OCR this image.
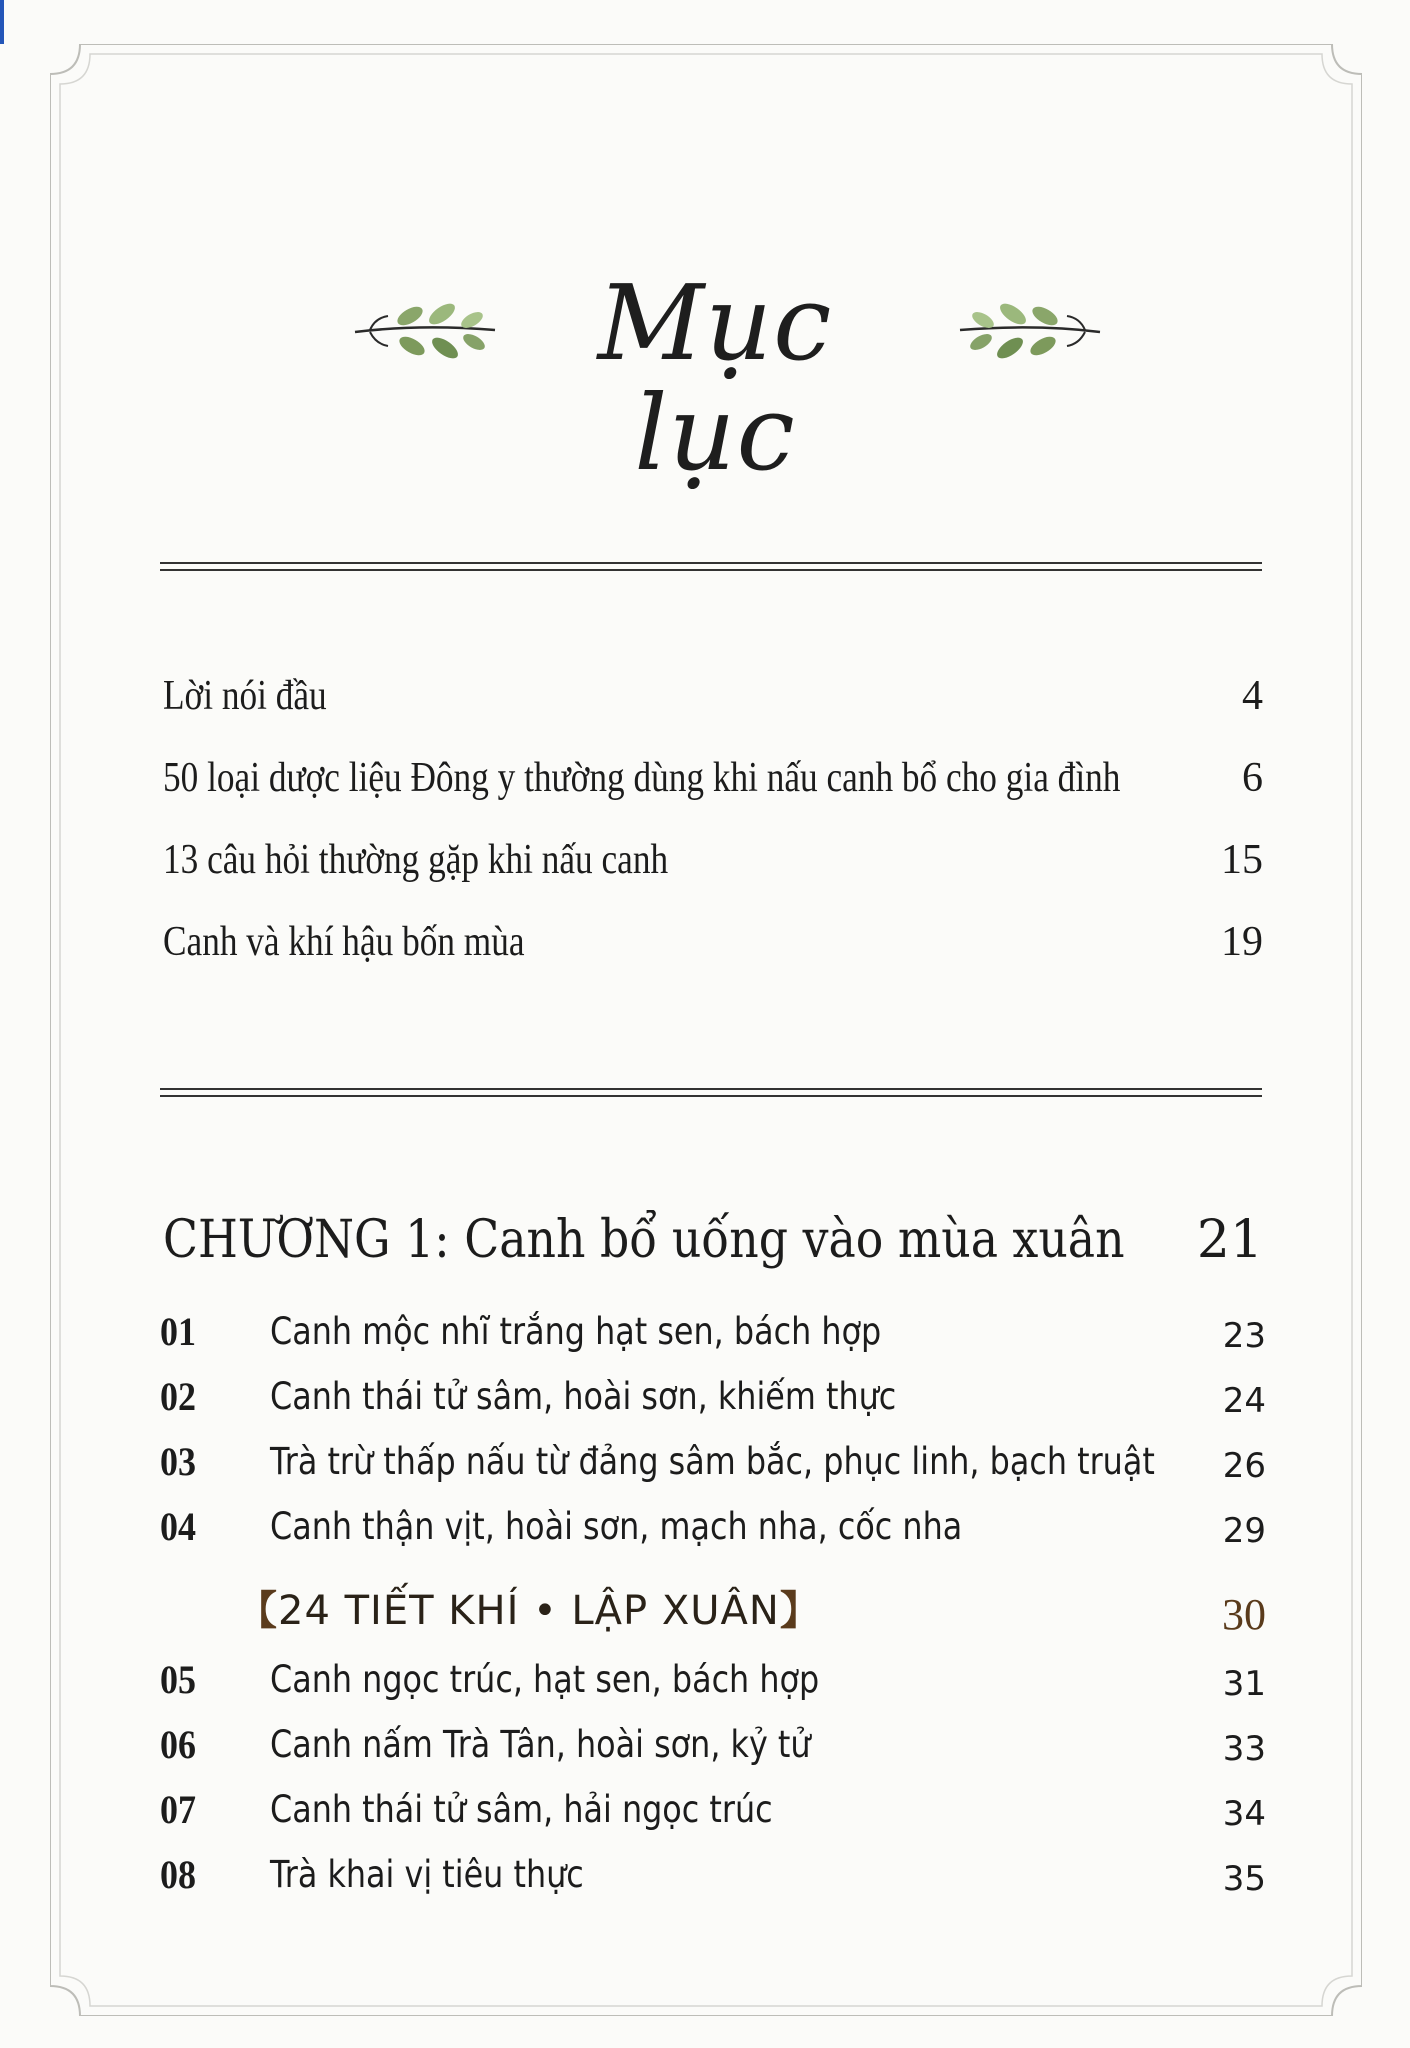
Mục lục
Lời nói đầu	4
50 loại dược liệu Đông y thường dùng khi nấu canh bổ cho gia đình	6
13 câu hỏi thường gặp khi nấu canh	15
Canh và khí hậu bốn mùa	19
CHƯƠNG 1: Canh bổ uống vào mùa xuân 21
01 Canh mộc nhĩ trắng hạt sen, bách hợp	23
02 Canh thái tử sâm, hoài sơn, khiếm thực	24
03 Trà trừ thấp nấu từ đảng sâm bắc, phục linh, bạch truật 26
04 Canh thận vịt, hoài sơn, mạch nha, cốc nha	29
【24 TIẾT KHÍ • LẬP XUÂN】	30
05 Canh ngọc trúc, hạt sen, bách hợp	31
06 Canh nấm Trà Tân, hoài sơn, kỷ tử	33
07 Canh thái tử sâm, hải ngọc trúc	34
08 Trà khai vị tiêu thực	35
